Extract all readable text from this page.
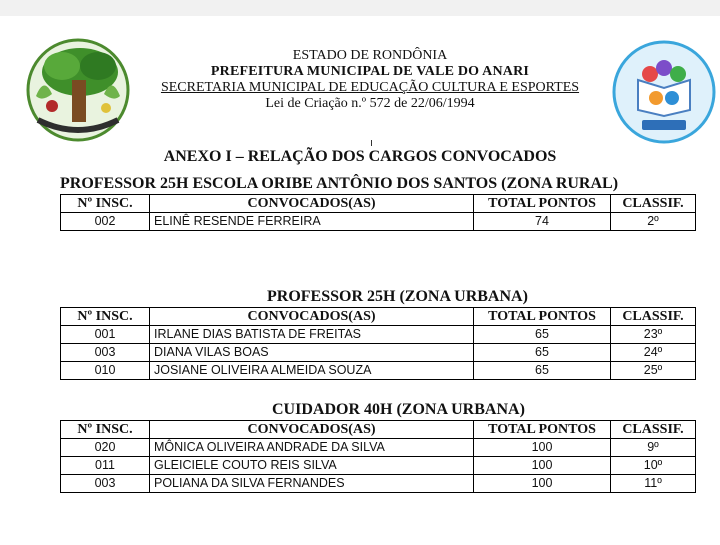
ESTADO DE RONDÔNIA
PREFEITURA MUNICIPAL DE VALE DO ANARI
SECRETARIA MUNICIPAL DE EDUCAÇÃO CULTURA E ESPORTES
Lei de Criação n.º 572 de 22/06/1994
ANEXO I – RELAÇÃO DOS CARGOS CONVOCADOS
PROFESSOR 25H ESCOLA ORIBE ANTÔNIO DOS SANTOS (ZONA RURAL)
Nº INSC.	CONVOCADOS(AS)	TOTAL PONTOS	CLASSIF.
002	ELINÊ RESENDE FERREIRA	74	2º
PROFESSOR 25H (ZONA URBANA)
Nº INSC.	CONVOCADOS(AS)	TOTAL PONTOS	CLASSIF.
001	IRLANE DIAS BATISTA DE FREITAS	65	23º
003	DIANA VILAS BOAS	65	24º
010	JOSIANE OLIVEIRA ALMEIDA SOUZA	65	25º
CUIDADOR 40H (ZONA URBANA)
Nº INSC.	CONVOCADOS(AS)	TOTAL PONTOS	CLASSIF.
020	MÔNICA OLIVEIRA ANDRADE DA SILVA	100	9º
011	GLEICIELE COUTO REIS SILVA	100	10º
003	POLIANA DA SILVA FERNANDES	100	11º
